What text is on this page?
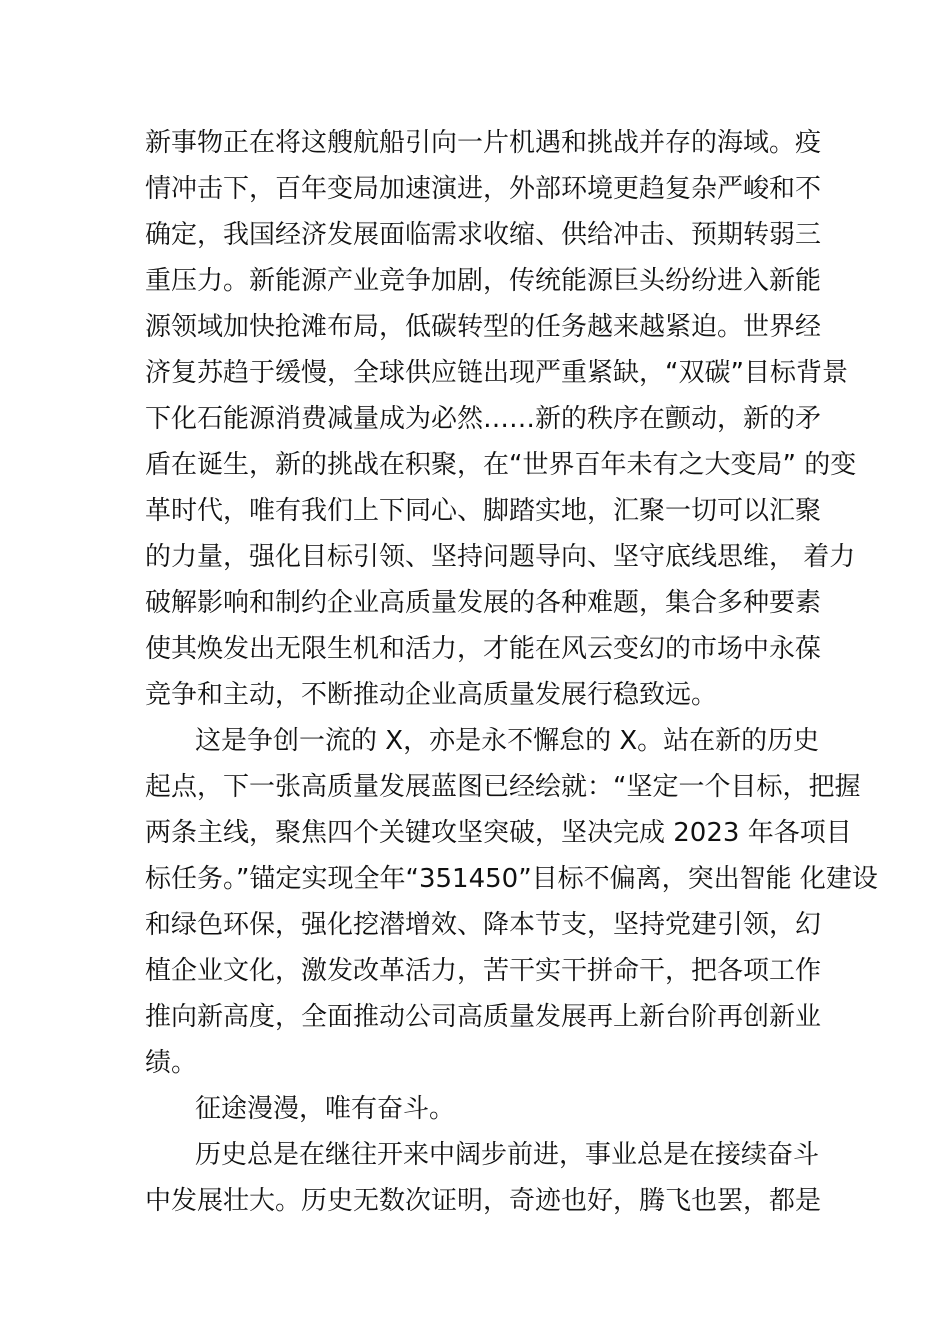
新事物正在将这艘航船引向一片机遇和挑战并存的海域。疫
情冲击下，百年变局加速演进，外部环境更趋复杂严峻和不
确定，我国经济发展面临需求收缩、供给冲击、预期转弱三
重压力。新能源产业竞争加剧，传统能源巨头纷纷进入新能
源领域加快抢滩布局，低碳转型的任务越来越紧迫。世界经
济复苏趋于缓慢，全球供应链出现严重紧缺，“双碳”目标背景
下化石能源消费减量成为必然……新的秩序在颤动，新的矛
盾在诞生，新的挑战在积聚，在“世界百年未有之大变局” 的变
革时代，唯有我们上下同心、脚踏实地，汇聚一切可以汇聚
的力量，强化目标引领、坚持问题导向、坚守底线思维， 着力
破解影响和制约企业高质量发展的各种难题，集合多种要素
使其焕发出无限生机和活力，才能在风云变幻的市场中永葆
竞争和主动，不断推动企业高质量发展行稳致远。
这是争创一流的 X，亦是永不懈怠的 X。站在新的历史
起点，下一张高质量发展蓝图已经绘就：“坚定一个目标，把握
两条主线，聚焦四个关键攻坚突破，坚决完成 2023 年各项目
标任务。”锚定实现全年“351450”目标不偏离，突出智能 化建设
和绿色环保，强化挖潜增效、降本节支，坚持党建引领，幻
植企业文化，激发改革活力，苦干实干拼命干，把各项工作
推向新高度，全面推动公司高质量发展再上新台阶再创新业
绩。
征途漫漫，唯有奋斗。
历史总是在继往开来中阔步前进，事业总是在接续奋斗
中发展壮大。历史无数次证明，奇迹也好，腾飞也罢，都是
